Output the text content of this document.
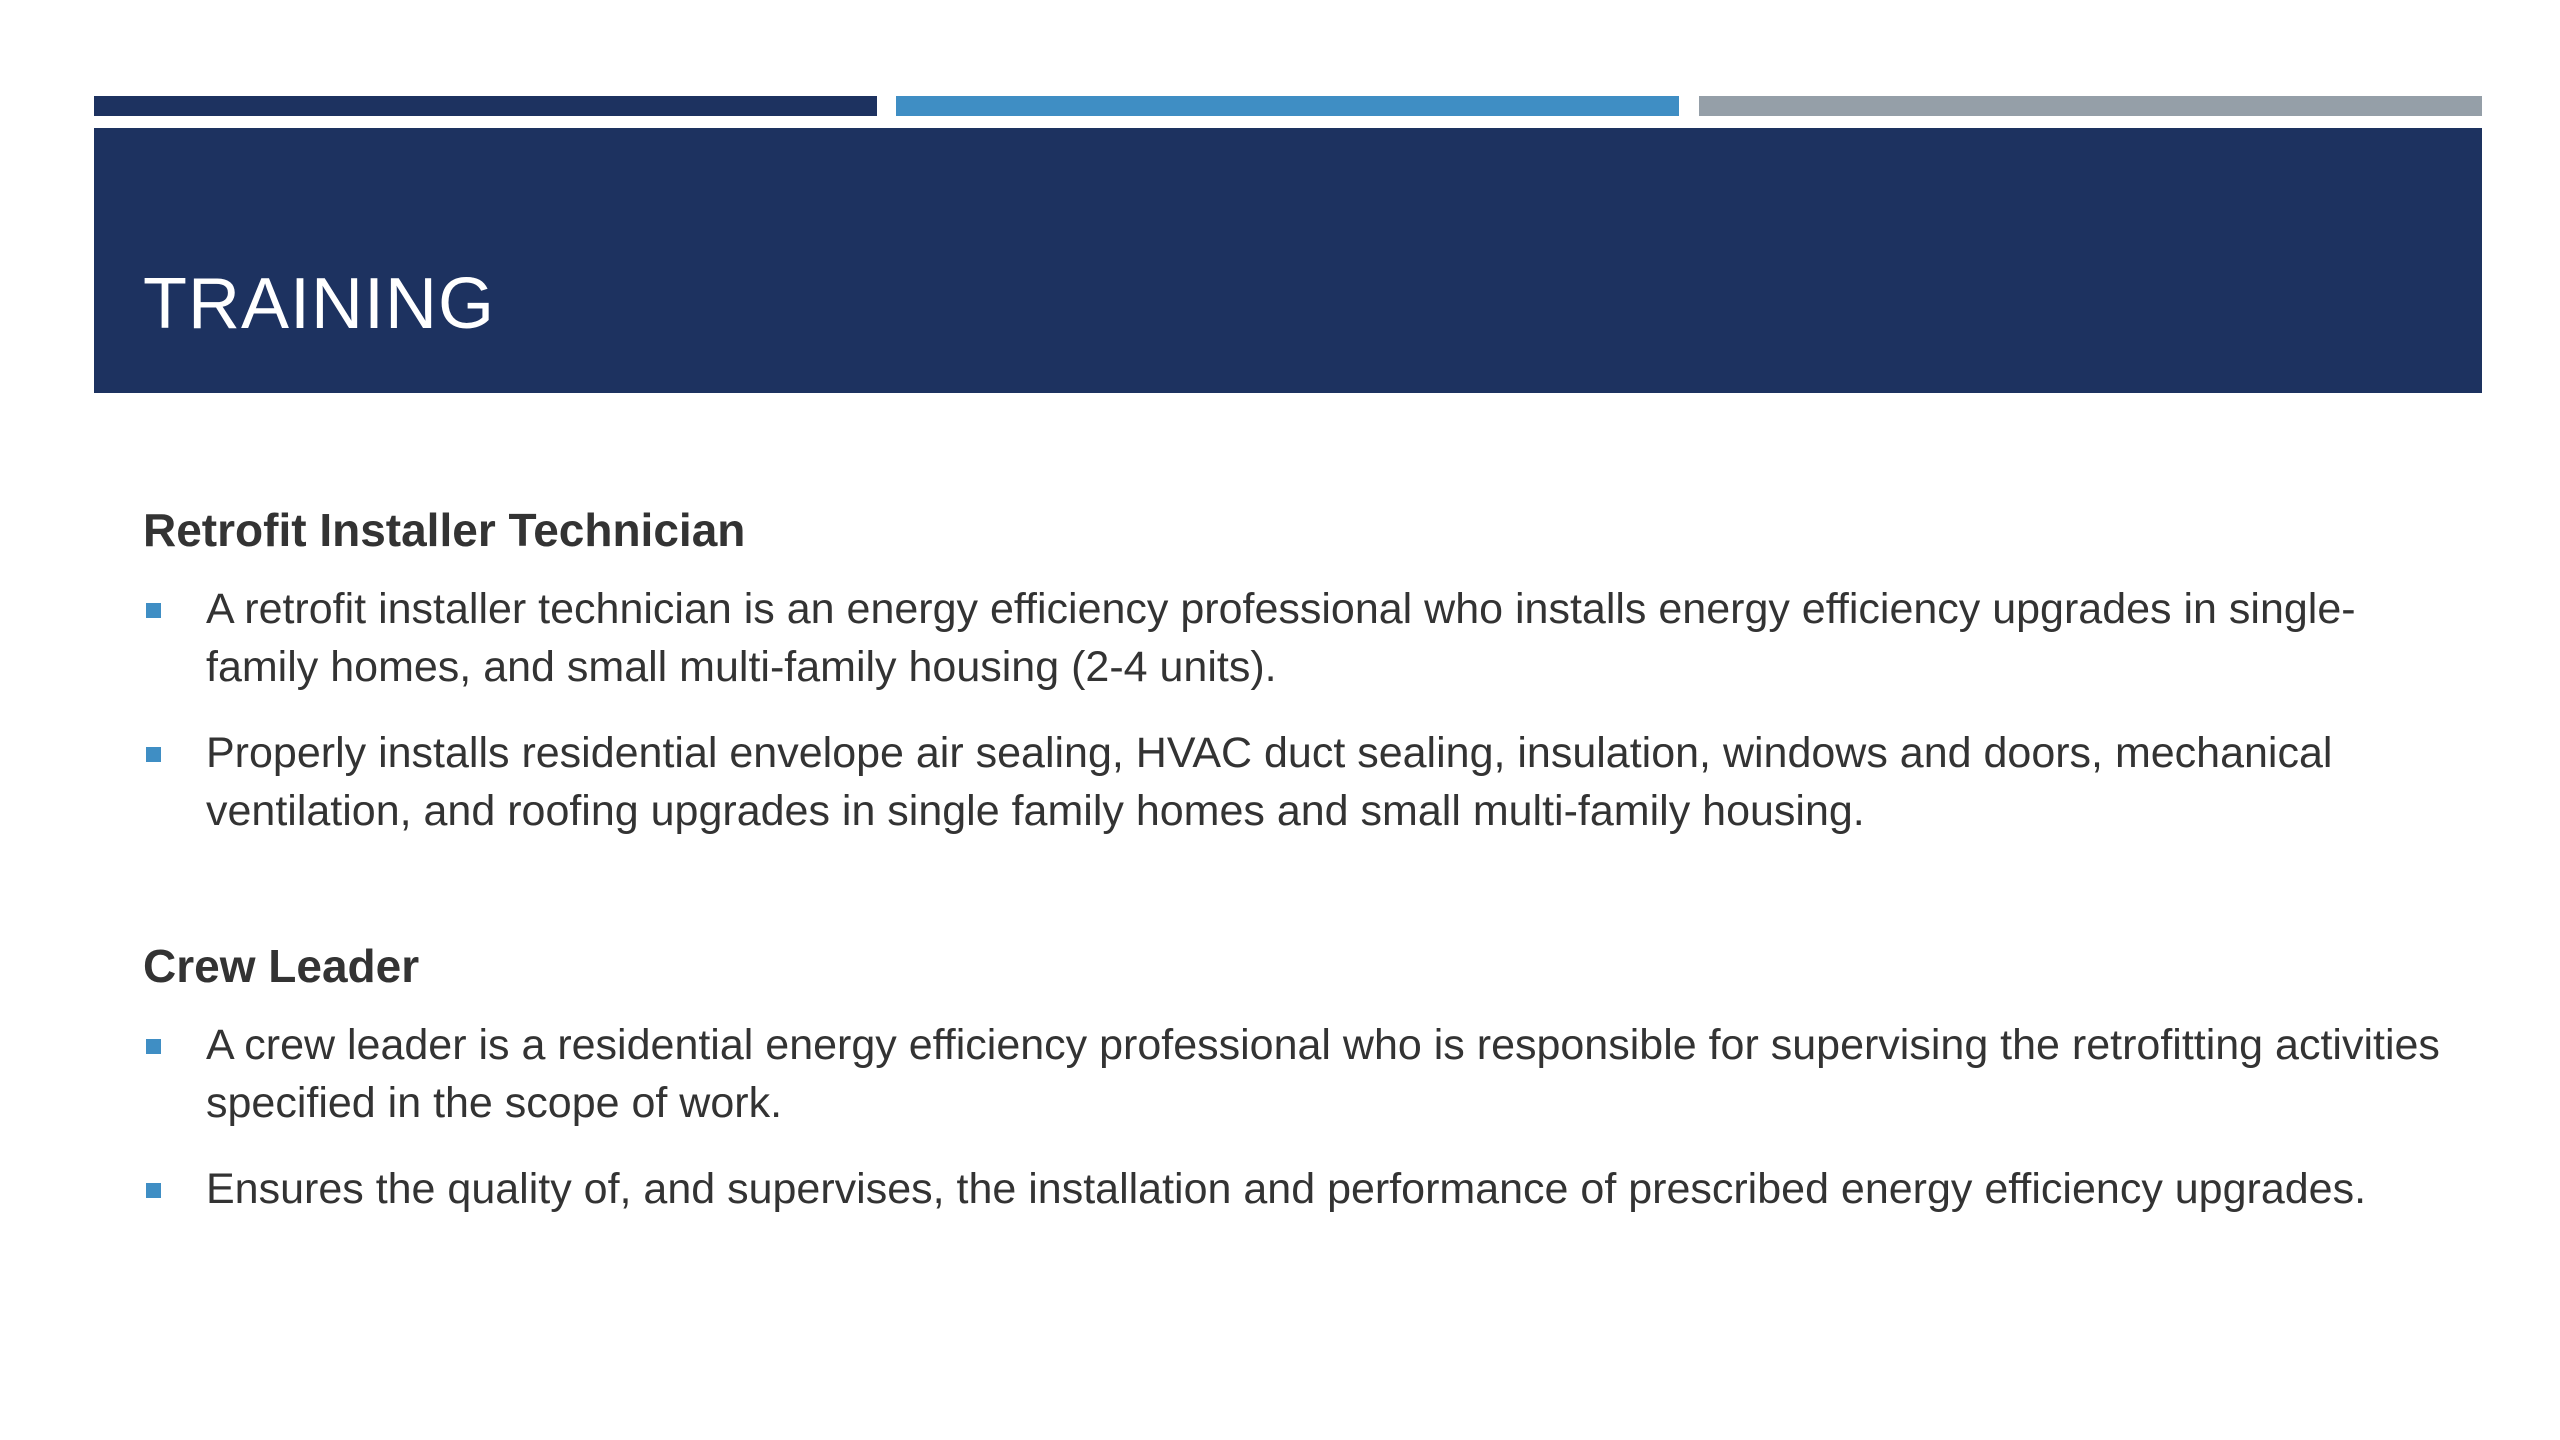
TRAINING
Retrofit Installer Technician
A retrofit installer technician is an energy efficiency professional who installs energy efficiency upgrades in single-family homes, and small multi-family housing (2-4 units).
Properly installs residential envelope air sealing, HVAC duct sealing, insulation, windows and doors, mechanical ventilation, and roofing upgrades in single family homes and small multi-family housing.
Crew Leader
A crew leader is a residential energy efficiency professional who is responsible for supervising the retrofitting activities specified in the scope of work.
Ensures the quality of, and supervises, the installation and performance of prescribed energy efficiency upgrades.
